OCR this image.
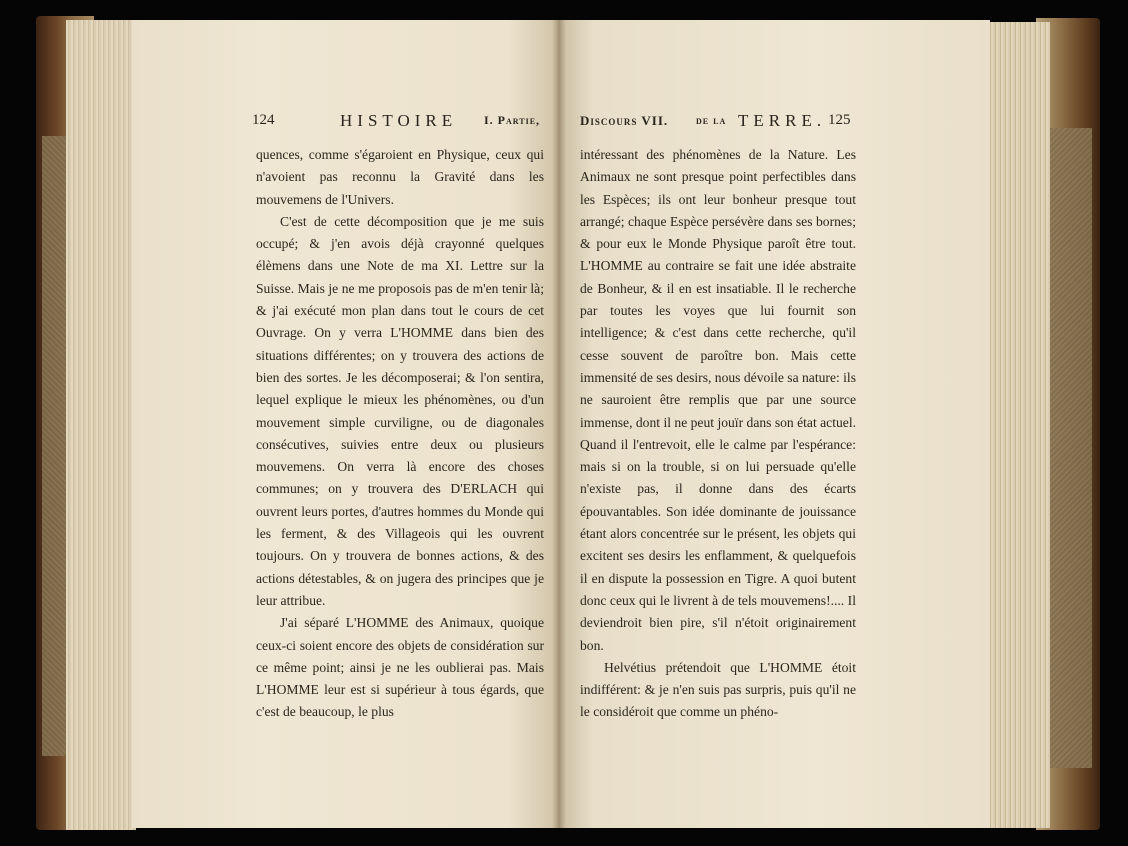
124	HISTOIRE I. Partie,

quences, comme s'égaroient en Physique, ceux qui n'avoient pas reconnu la Gravité dans les mouvemens de l'Univers.

C'est de cette décomposition que je me suis occupé; & j'en avois déjà crayonné quelques élèmens dans une Note de ma XI. Lettre sur la Suisse. Mais je ne me proposois pas de m'en tenir là; & j'ai exécuté mon plan dans tout le cours de cet Ouvrage. On y verra L'HOMME dans bien des situations différentes; on y trouvera des actions de bien des sortes. Je les décomposerai; & l'on sentira, lequel explique le mieux les phénomènes, ou d'un mouvement simple curviligne, ou de diagonales consécutives, suivies entre deux ou plusieurs mouvemens. On verra là encore des choses communes; on y trouvera des D'ERLACH qui ouvrent leurs portes, d'autres hommes du Monde qui les ferment, & des Villageois qui les ouvrent toujours. On y trouvera de bonnes actions, & des actions détestables, & on jugera des principes que je leur attribue.

J'ai séparé L'HOMME des Animaux, quoique ceux-ci soient encore des objets de considération sur ce même point; ainsi je ne les oublierai pas. Mais L'HOMME leur est si supérieur à tous égards, que c'est de beaucoup, le plus

Discours VII. de la TERRE. 125

intéressant des phénomènes de la Nature. Les Animaux ne sont presque point perfectibles dans les Espèces; ils ont leur bonheur presque tout arrangé; chaque Espèce persévère dans ses bornes; & pour eux le Monde Physique paroît être tout. L'HOMME au contraire se fait une idée abstraite de Bonheur, & il en est insatiable. Il le recherche par toutes les voyes que lui fournit son intelligence; & c'est dans cette recherche, qu'il cesse souvent de paroître bon. Mais cette immensité de ses desirs, nous dévoile sa nature: ils ne sauroient être remplis que par une source immense, dont il ne peut jouïr dans son état actuel. Quand il l'entrevoit, elle le calme par l'espérance: mais si on la trouble, si on lui persuade qu'elle n'existe pas, il donne dans des écarts épouvantables. Son idée dominante de jouissance étant alors concentrée sur le présent, les objets qui excitent ses desirs les enflamment, & quelquefois il en dispute la possession en Tigre. A quoi butent donc ceux qui le livrent à de tels mouvemens!.... Il deviendroit bien pire, s'il n'étoit originairement bon.

Helvétius prétendoit que L'HOMME étoit indifférent: & je n'en suis pas surpris, puis qu'il ne le considéroit que comme un phéno-
